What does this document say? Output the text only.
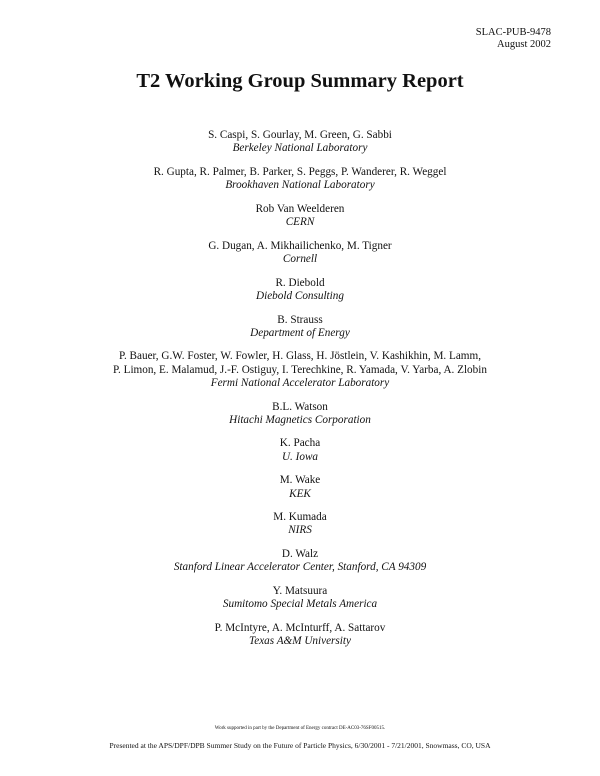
SLAC-PUB-9478
August 2002
T2 Working Group Summary Report
S. Caspi, S. Gourlay, M. Green, G. Sabbi
Berkeley National Laboratory
R. Gupta, R. Palmer, B. Parker, S. Peggs, P. Wanderer, R. Weggel
Brookhaven National Laboratory
Rob Van Weelderen
CERN
G. Dugan, A. Mikhailichenko, M. Tigner
Cornell
R. Diebold
Diebold Consulting
B. Strauss
Department of Energy
P. Bauer, G.W. Foster, W. Fowler, H. Glass, H. Jöstlein, V. Kashikhin, M. Lamm,
P. Limon, E. Malamud, J.-F. Ostiguy, I. Terechkine, R. Yamada, V. Yarba, A. Zlobin
Fermi National Accelerator Laboratory
B.L. Watson
Hitachi Magnetics Corporation
K. Pacha
U. Iowa
M. Wake
KEK
M. Kumada
NIRS
D. Walz
Stanford Linear Accelerator Center, Stanford, CA 94309
Y. Matsuura
Sumitomo Special Metals America
P. McIntyre, A. McInturff, A. Sattarov
Texas A&M University
Work supported in part by the Department of Energy contract DE-AC03-76SF00515.
Presented at the APS/DPF/DPB Summer Study on the Future of Particle Physics, 6/30/2001 - 7/21/2001, Snowmass, CO, USA
